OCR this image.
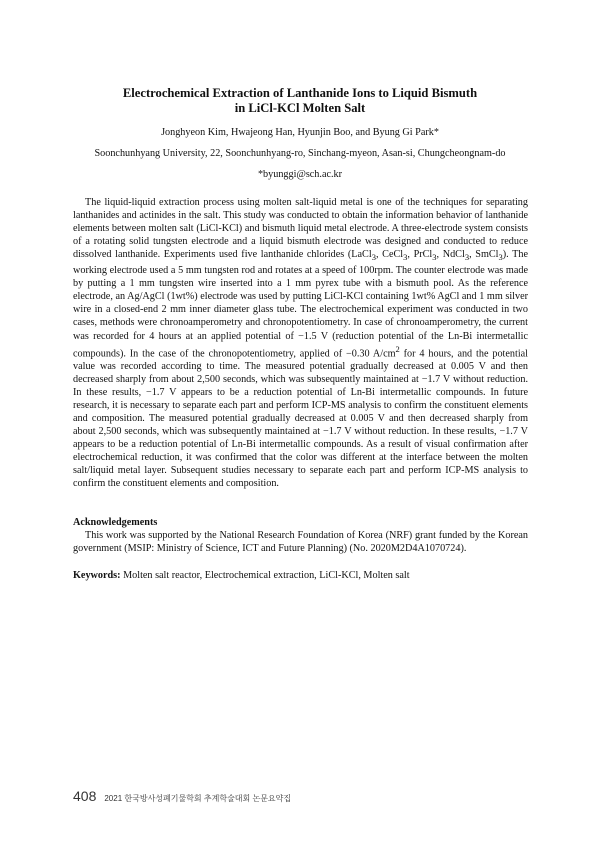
Electrochemical Extraction of Lanthanide Ions to Liquid Bismuth
in LiCl-KCl Molten Salt
Jonghyeon Kim, Hwajeong Han, Hyunjin Boo, and Byung Gi Park*
Soonchunhyang University, 22, Soonchunhyang-ro, Sinchang-myeon, Asan-si, Chungcheongnam-do
*byunggi@sch.ac.kr

The liquid-liquid extraction process using molten salt-liquid metal is one of the techniques for separating lanthanides and actinides in the salt. This study was conducted to obtain the information behavior of lanthanide elements between molten salt (LiCl-KCl) and bismuth liquid metal electrode. A three-electrode system consists of a rotating solid tungsten electrode and a liquid bismuth electrode was designed and conducted to reduce dissolved lanthanide. Experiments used five lanthanide chlorides (LaCl$_3$, CeCl$_3$, PrCl$_3$, NdCl$_3$, SmCl$_3$). The working electrode used a 5 mm tungsten rod and rotates at a speed of 100rpm. The counter electrode was made by putting a 1 mm tungsten wire inserted into a 1 mm pyrex tube with a bismuth pool. As the reference electrode, an Ag/AgCl (1wt%) electrode was used by putting LiCl-KCl containing 1wt% AgCl and 1 mm silver wire in a closed-end 2 mm inner diameter glass tube. The electrochemical experiment was conducted in two cases, methods were chronoamperometry and chronopotentiometry. In case of chronoamperometry, the current was recorded for 4 hours at an applied potential of −1.5 V (reduction potential of the Ln-Bi intermetallic compounds). In the case of the chronopotentiometry, applied of −0.30 $A/cm^2$ for 4 hours, and the potential value was recorded according to time. The measured potential gradually decreased at 0.005 V and then decreased sharply from about 2,500 seconds, which was subsequently maintained at −1.7 V without reduction. In these results, −1.7 V appears to be a reduction potential of Ln-Bi intermetallic compounds. In future research, it is necessary to separate each part and perform ICP-MS analysis to confirm the constituent elements and composition. The measured potential gradually decreased at 0.005 V and then decreased sharply from about 2,500 seconds, which was subsequently maintained at −1.7 V without reduction. In these results, −1.7 V appears to be a reduction potential of Ln-Bi intermetallic compounds. As a result of visual confirmation after electrochemical reduction, it was confirmed that the color was different at the interface between the molten salt/liquid metal layer. Subsequent studies necessary to separate each part and perform ICP-MS analysis to confirm the constituent elements and composition.

Acknowledgements

This work was supported by the National Research Foundation of Korea (NRF) grant funded by the Korean government (MSIP: Ministry of Science, ICT and Future Planning) (No. 2020M2D4A1070724).

Keywords: Molten salt reactor, Electrochemical extraction, LiCl-KCl, Molten salt
408 2021 한국방사성폐기물학회 추계학술대회 논문요약집
